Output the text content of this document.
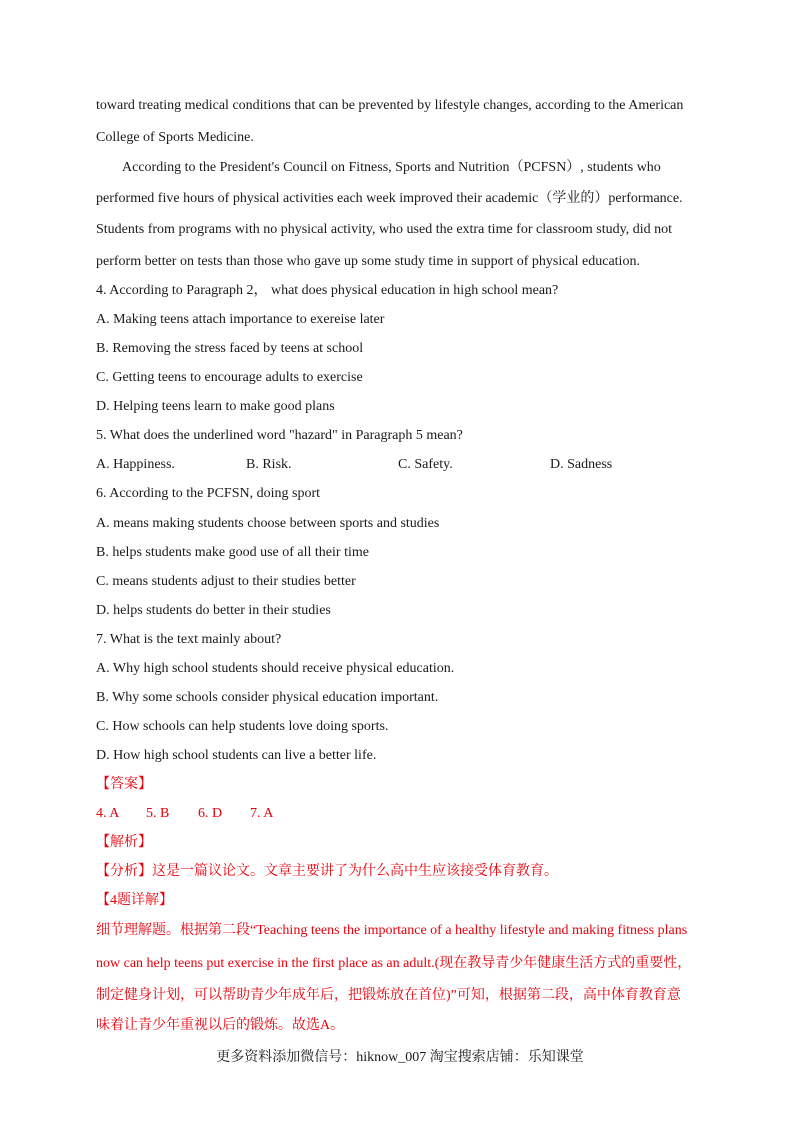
toward treating medical conditions that can be prevented by lifestyle changes, according to the American
College of Sports Medicine.
According to the President's Council on Fitness, Sports and Nutrition（PCFSN）, students who
performed five hours of physical activities each week improved their academic（学业的）performance.
Students from programs with no physical activity, who used the extra time for classroom study, did not
perform better on tests than those who gave up some study time in support of physical education.
4. According to Paragraph 2， what does physical education in high school mean?
A. Making teens attach importance to exereise later
B. Removing the stress faced by teens at school
C. Getting teens to encourage adults to exercise
D. Helping teens learn to make good plans
5. What does the underlined word "hazard" in Paragraph 5 mean?
A. Happiness.	B. Risk.	C. Safety.	D. Sadness
6. According to the PCFSN, doing sport
A. means making students choose between sports and studies
B. helps students make good use of all their time
C. means students adjust to their studies better
D. helps students do better in their studies
7. What is the text mainly about?
A. Why high school students should receive physical education.
B. Why some schools consider physical education important.
C. How schools can help students love doing sports.
D. How high school students can live a better life.
【答案】
4. A 5. B 6. D 7. A
【解析】
【分析】这是一篇议论文。文章主要讲了为什么高中生应该接受体育教育。
【4题详解】
细节理解题。根据第二段“Teaching teens the importance of a healthy lifestyle and making fitness plans
now can help teens put exercise in the first place as an adult.(现在教导青少年健康生活方式的重要性，
制定健身计划，可以帮助青少年成年后，把锻炼放在首位)”可知，根据第二段，高中体育教育意
味着让青少年重视以后的锻炼。故选A。
更多资料添加微信号：hiknow_007 淘宝搜索店铺：乐知课堂
